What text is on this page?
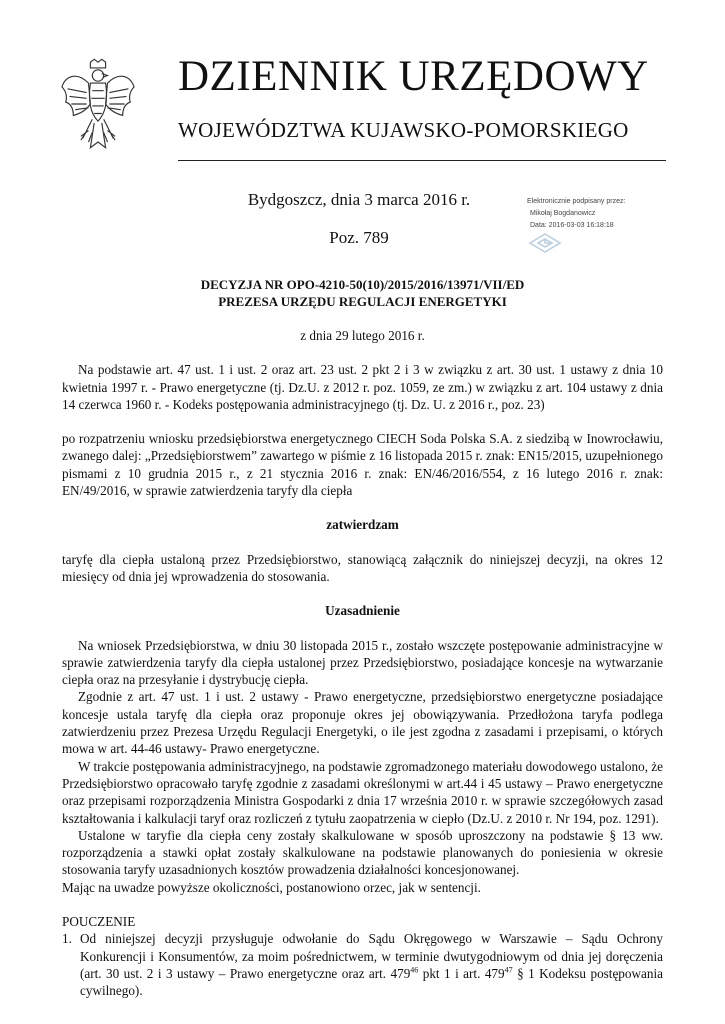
DZIENNIK URZĘDOWY
WOJEWÓDZTWA KUJAWSKO-POMORSKIEGO
Bydgoszcz, dnia 3 marca 2016 r.
Poz. 789
Elektronicznie podpisany przez:
Mikołaj Bogdanowicz
Data: 2016-03-03 16:18:18
DECYZJA NR OPO-4210-50(10)/2015/2016/13971/VII/ED
PREZESA URZĘDU REGULACJI ENERGETYKI
z dnia 29 lutego 2016 r.

Na podstawie art. 47 ust. 1 i ust. 2 oraz art. 23 ust. 2 pkt 2 i 3 w związku z art. 30 ust. 1 ustawy z dnia 10 kwietnia 1997 r. - Prawo energetyczne (tj. Dz.U. z 2012 r. poz. 1059, ze zm.) w związku z art. 104 ustawy z dnia 14 czerwca 1960 r. - Kodeks postępowania administracyjnego (tj. Dz. U. z 2016 r., poz. 23)

po rozpatrzeniu wniosku przedsiębiorstwa energetycznego CIECH Soda Polska S.A. z siedzibą w Inowrocławiu, zwanego dalej: „Przedsiębiorstwem” zawartego w piśmie z 16 listopada 2015 r. znak: EN15/2015, uzupełnionego pismami z 10 grudnia 2015 r., z 21 stycznia 2016 r. znak: EN/46/2016/554, z 16 lutego 2016 r. znak: EN/49/2016, w sprawie zatwierdzenia taryfy dla ciepła

zatwierdzam

taryfę dla ciepła ustaloną przez Przedsiębiorstwo, stanowiącą załącznik do niniejszej decyzji, na okres 12 miesięcy od dnia jej wprowadzenia do stosowania.

Uzasadnienie

Na wniosek Przedsiębiorstwa, w dniu 30 listopada 2015 r., zostało wszczęte postępowanie administracyjne w sprawie zatwierdzenia taryfy dla ciepła ustalonej przez Przedsiębiorstwo, posiadające koncesje na wytwarzanie ciepła oraz na przesyłanie i dystrybucję ciepła.

Zgodnie z art. 47 ust. 1 i ust. 2 ustawy - Prawo energetyczne, przedsiębiorstwo energetyczne posiadające koncesje ustala taryfę dla ciepła oraz proponuje okres jej obowiązywania. Przedłożona taryfa podlega zatwierdzeniu przez Prezesa Urzędu Regulacji Energetyki, o ile jest zgodna z zasadami i przepisami, o których mowa w art. 44-46 ustawy- Prawo energetyczne.

W trakcie postępowania administracyjnego, na podstawie zgromadzonego materiału dowodowego ustalono, że Przedsiębiorstwo opracowało taryfę zgodnie z zasadami określonymi w art.44 i 45 ustawy – Prawo energetyczne oraz przepisami rozporządzenia Ministra Gospodarki z dnia 17 września 2010 r. w sprawie szczegółowych zasad kształtowania i kalkulacji taryf oraz rozliczeń z tytułu zaopatrzenia w ciepło (Dz.U. z 2010 r. Nr 194, poz. 1291).

Ustalone w taryfie dla ciepła ceny zostały skalkulowane w sposób uproszczony na podstawie § 13 ww. rozporządzenia a stawki opłat zostały skalkulowane na podstawie planowanych do poniesienia w okresie stosowania taryfy uzasadnionych kosztów prowadzenia działalności koncesjonowanej.

Mając na uwadze powyższe okoliczności, postanowiono orzec, jak w sentencji.

POUCZENIE
1. Od niniejszej decyzji przysługuje odwołanie do Sądu Okręgowego w Warszawie – Sądu Ochrony Konkurencji i Konsumentów, za moim pośrednictwem, w terminie dwutygodniowym od dnia jej doręczenia (art. 30 ust. 2 i 3 ustawy – Prawo energetyczne oraz art. $479^{46}$ pkt 1 i art. $479^{47}$ § 1 Kodeksu postępowania cywilnego).
